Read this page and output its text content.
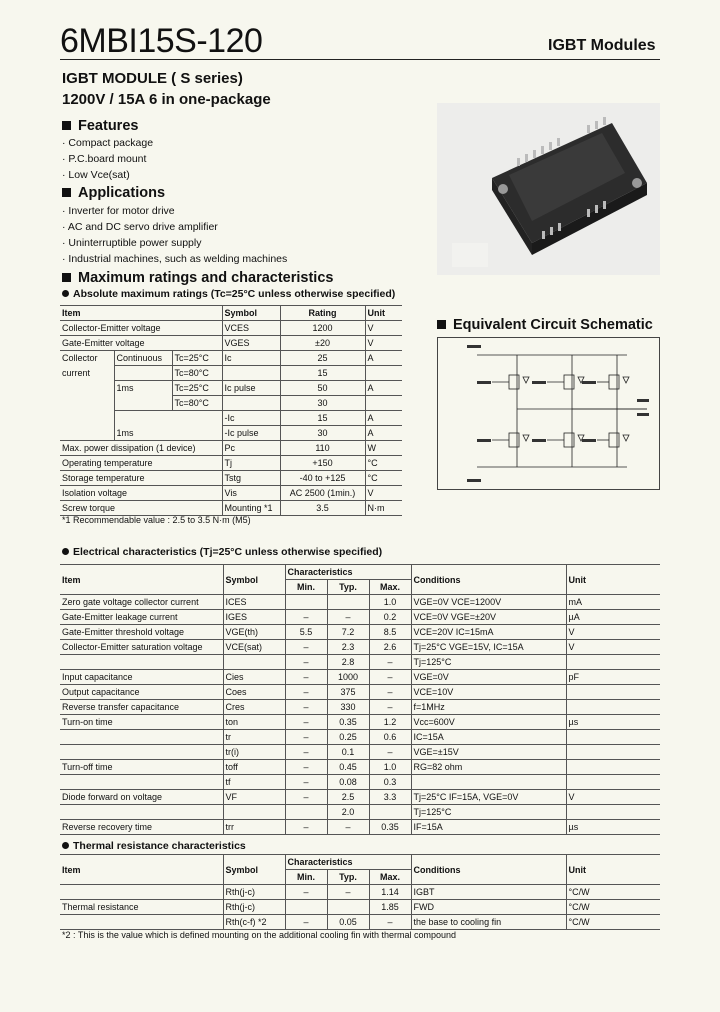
6MBI15S-120	IGBT Modules
IGBT MODULE ( S series)
1200V / 15A 6 in one-package
Features
· Compact package
· P.C.board mount
· Low Vce(sat)
Applications
· Inverter for motor drive
· AC and DC servo drive amplifier
· Uninterruptible power supply
· Industrial machines, such as welding machines
Maximum ratings and characteristics
Absolute maximum ratings (Tc=25°C unless otherwise specified)
Item			Symbol	Rating	Unit
Collector-Emitter voltage			VCES	1200	V
Gate-Emitter voltage			VGES	±20	V
Collector	Continuous	Tc=25°C	Ic	25	A
current		Tc=80°C		15	
	1ms	Tc=25°C	Ic pulse	50	A
		Tc=80°C		30	
			-Ic	15	A
	1ms		-Ic pulse	30	A
Max. power dissipation (1 device)			Pc	110	W
Operating temperature			Tj	+150	°C
Storage temperature			Tstg	-40 to +125	°C
Isolation voltage			Vis	AC 2500 (1min.)	V
Screw torque			Mounting *1	3.5	N·m
*1 Recommendable value : 2.5 to 3.5 N·m (M5)
Equivalent Circuit Schematic
Electrical characteristics (Tj=25°C unless otherwise specified)
Item	Symbol	Characteristics			Conditions	Unit
		Min.	Typ.	Max.		
Zero gate voltage collector current	ICES			1.0	VGE=0V VCE=1200V	mA
Gate-Emitter leakage current	IGES	–	–	0.2	VCE=0V VGE=±20V	µA
Gate-Emitter threshold voltage	VGE(th)	5.5	7.2	8.5	VCE=20V IC=15mA	V
Collector-Emitter saturation voltage	VCE(sat)	–	2.3	2.6	Tj=25°C VGE=15V, IC=15A	V
		–	2.8	–	Tj=125°C	
Input capacitance	Cies	–	1000	–	VGE=0V	pF
Output capacitance	Coes	–	375	–	VCE=10V	
Reverse transfer capacitance	Cres	–	330	–	f=1MHz	
Turn-on time	ton	–	0.35	1.2	Vcc=600V	µs
	tr	–	0.25	0.6	IC=15A	
	tr(i)	–	0.1	–	VGE=±15V	
Turn-off time	toff	–	0.45	1.0	RG=82 ohm	
	tf	–	0.08	0.3		
Diode forward on voltage	VF	–	2.5	3.3	Tj=25°C IF=15A, VGE=0V	V
			2.0		Tj=125°C	
Reverse recovery time	trr	–	–	0.35	IF=15A	µs
Thermal resistance characteristics
Item	Symbol	Characteristics			Conditions	Unit
		Min.	Typ.	Max.		
	Rth(j-c)	–	–	1.14	IGBT	°C/W
Thermal resistance	Rth(j-c)			1.85	FWD	°C/W
	Rth(c-f) *2	–	0.05	–	the base to cooling fin	°C/W
*2 : This is the value which is defined mounting on the additional cooling fin with thermal compound
